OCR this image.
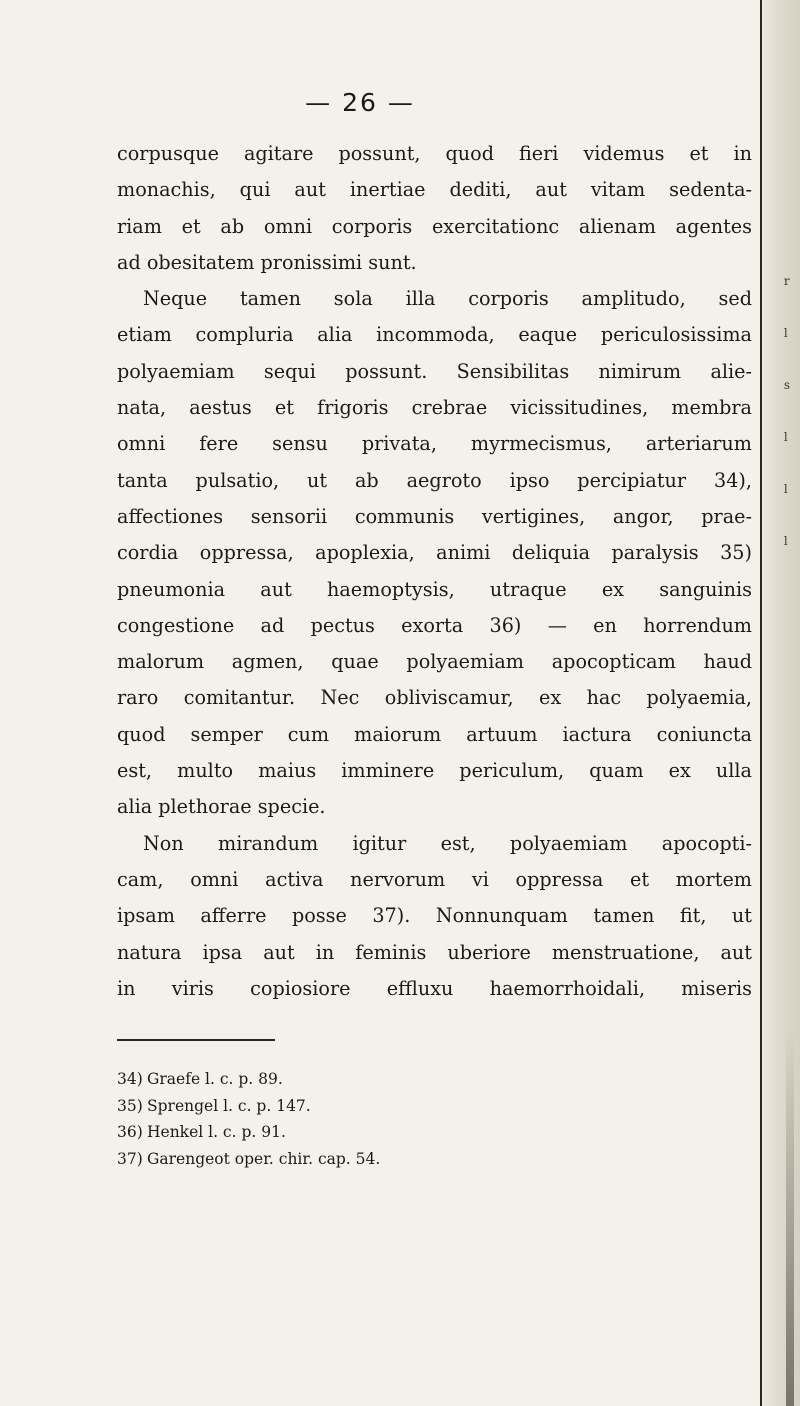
r
l
s
l
l
l
— 26 —
corpusque agitare possunt, quod fieri videmus et in
monachis, qui aut inertiae dediti, aut vitam sedenta-
riam et ab omni corporis exercitationc alienam agentes
ad obesitatem pronissimi sunt.
Neque tamen sola illa corporis amplitudo, sed
etiam compluria alia incommoda, eaque periculosissima
polyaemiam sequi possunt. Sensibilitas nimirum alie-
nata, aestus et frigoris crebrae vicissitudines, membra
omni fere sensu privata, myrmecismus, arteriarum
tanta pulsatio, ut ab aegroto ipso percipiatur 34),
affectiones sensorii communis vertigines, angor, prae-
cordia oppressa, apoplexia, animi deliquia paralysis 35)
pneumonia aut haemoptysis, utraque ex sanguinis
congestione ad pectus exorta 36) — en horrendum
malorum agmen, quae polyaemiam apocopticam haud
raro comitantur. Nec obliviscamur, ex hac polyaemia,
quod semper cum maiorum artuum iactura coniuncta
est, multo maius imminere periculum, quam ex ulla
alia plethorae specie.
Non mirandum igitur est, polyaemiam apocopti-
cam, omni activa nervorum vi oppressa et mortem
ipsam afferre posse 37). Nonnunquam tamen fit, ut
natura ipsa aut in feminis uberiore menstruatione, aut
in viris copiosiore effluxu haemorrhoidali, miseris
34) Graefe l. c. p. 89.
35) Sprengel l. c. p. 147.
36) Henkel l. c. p. 91.
37) Garengeot oper. chir. cap. 54.
